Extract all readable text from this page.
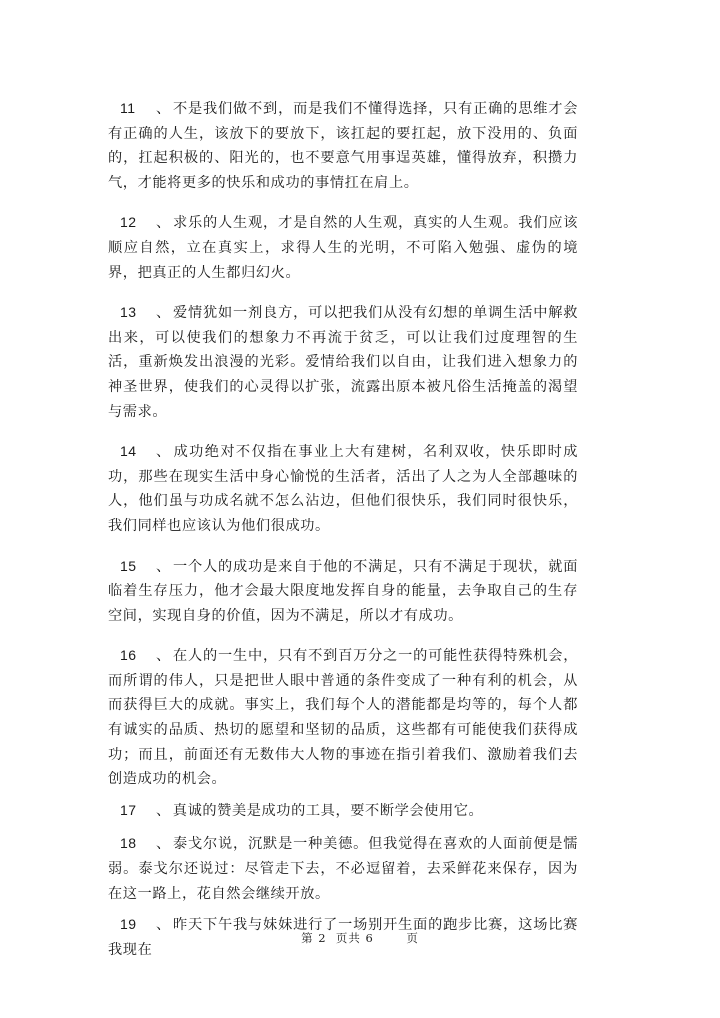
11 、 不是我们做不到，而是我们不懂得选择，只有正确的思维才会有正确的人生，该放下的要放下，该扛起的要扛起，放下没用的、负面的，扛起积极的、阳光的，也不要意气用事逞英雄，懂得放弃，积攒力气，才能将更多的快乐和成功的事情扛在肩上。

12 、 求乐的人生观，才是自然的人生观，真实的人生观。我们应该顺应自然，立在真实上，求得人生的光明，不可陷入勉强、虚伪的境界，把真正的人生都归幻火。

13 、 爱情犹如一剂良方，可以把我们从没有幻想的单调生活中解救出来，可以使我们的想象力不再流于贫乏，可以让我们过度理智的生活，重新焕发出浪漫的光彩。爱情给我们以自由，让我们进入想象力的神圣世界，使我们的心灵得以扩张，流露出原本被凡俗生活掩盖的渴望与需求。

14 、 成功绝对不仅指在事业上大有建树，名利双收，快乐即时成功，那些在现实生活中身心愉悦的生活者，活出了人之为人全部趣味的人，他们虽与功成名就不怎么沾边，但他们很快乐，我们同时很快乐，我们同样也应该认为他们很成功。

15 、 一个人的成功是来自于他的不满足，只有不满足于现状，就面临着生存压力，他才会最大限度地发挥自身的能量，去争取自己的生存空间，实现自身的价值，因为不满足，所以才有成功。

16 、 在人的一生中，只有不到百万分之一的可能性获得特殊机会，而所谓的伟人，只是把世人眼中普通的条件变成了一种有利的机会，从而获得巨大的成就。事实上，我们每个人的潜能都是均等的，每个人都有诚实的品质、热切的愿望和坚韧的品质，这些都有可能使我们获得成功；而且，前面还有无数伟大人物的事迹在指引着我们、激励着我们去创造成功的机会。

17 、 真诚的赞美是成功的工具，要不断学会使用它。

18 、 泰戈尔说，沉默是一种美德。但我觉得在喜欢的人面前便是懦弱。泰戈尔还说过：尽管走下去，不必逗留着，去采鲜花来保存，因为在这一路上，花自然会继续开放。

19 、 昨天下午我与妹妹进行了一场别开生面的跑步比赛，这场比赛我现在

第 2  页共 6	页
